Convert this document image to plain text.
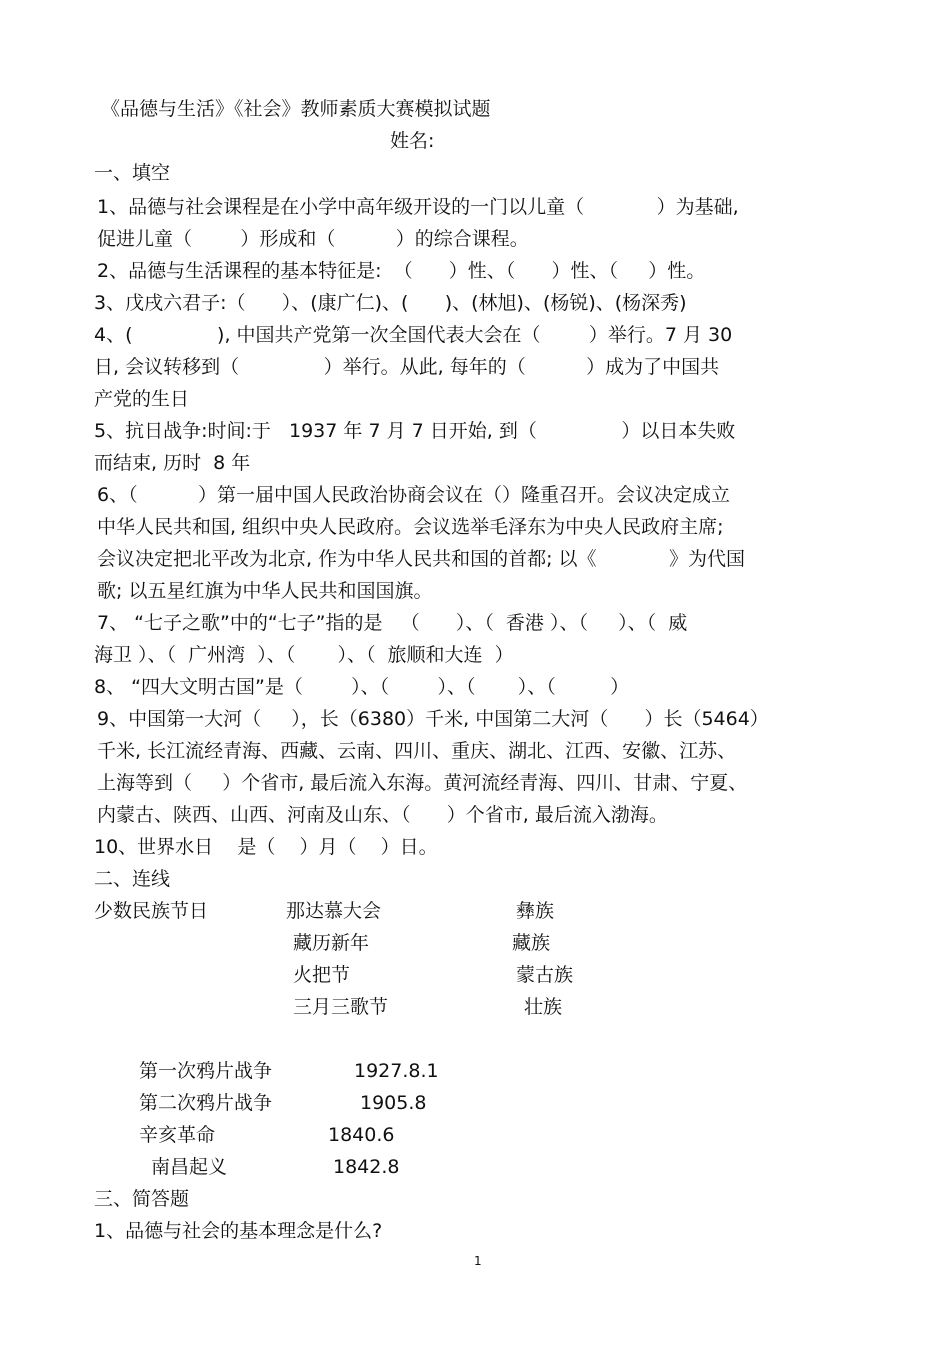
《品德与生活》《社会》教师素质大赛模拟试题
姓名:
一、填空
1、品德与社会课程是在小学中高年级开设的一门以儿童（            ）为基础,
促进儿童（        ）形成和（          ）的综合课程。
2、品德与生活课程的基本特征是:  （      ）性、（      ）性、（     ）性。
3、戊戌六君子:（      ）、(康广仁)、(      )、(林旭)、(杨锐)、(杨深秀)
4、(              ), 中国共产党第一次全国代表大会在（        ）举行。7 月 30
日, 会议转移到（              ）举行。从此, 每年的（          ）成为了中国共
产党的生日
5、抗日战争:时间:于   1937 年 7 月 7 日开始, 到（              ）以日本失败
而结束, 历时  8 年
6、（          ）第一届中国人民政治协商会议在（）隆重召开。会议决定成立
中华人民共和国, 组织中央人民政府。会议选举毛泽东为中央人民政府主席;
会议决定把北平改为北京, 作为中华人民共和国的首都; 以《            》为代国
歌; 以五星红旗为中华人民共和国国旗。
7、 “七子之歌”中的“七子”指的是   （      ）、（  香港 ）、（     ）、（  威
海卫 ）、（  广州湾  ）、（       ）、（  旅顺和大连  ）
8、 “四大文明古国”是（        ）、（        ）、（       ）、（         ）
9、中国第一大河（     ），长（6380）千米, 中国第二大河（      ）长（5464）
千米, 长江流经青海、西藏、云南、四川、重庆、湖北、江西、安徽、江苏、
上海等到（     ）个省市, 最后流入东海。黄河流经青海、四川、甘肃、宁夏、
内蒙古、陕西、山西、河南及山东、（      ）个省市, 最后流入渤海。
10、世界水日    是（    ）月（    ）日。
二、连线
少数民族节日	那达慕大会
藏历新年
火把节
三月三歌节
彝族
藏族
蒙古族
壮族
第一次鸦片战争
第二次鸦片战争
辛亥革命
南昌起义
1927.8.1
1905.8
1840.6
1842.8
三、简答题
1、品德与社会的基本理念是什么?
1
